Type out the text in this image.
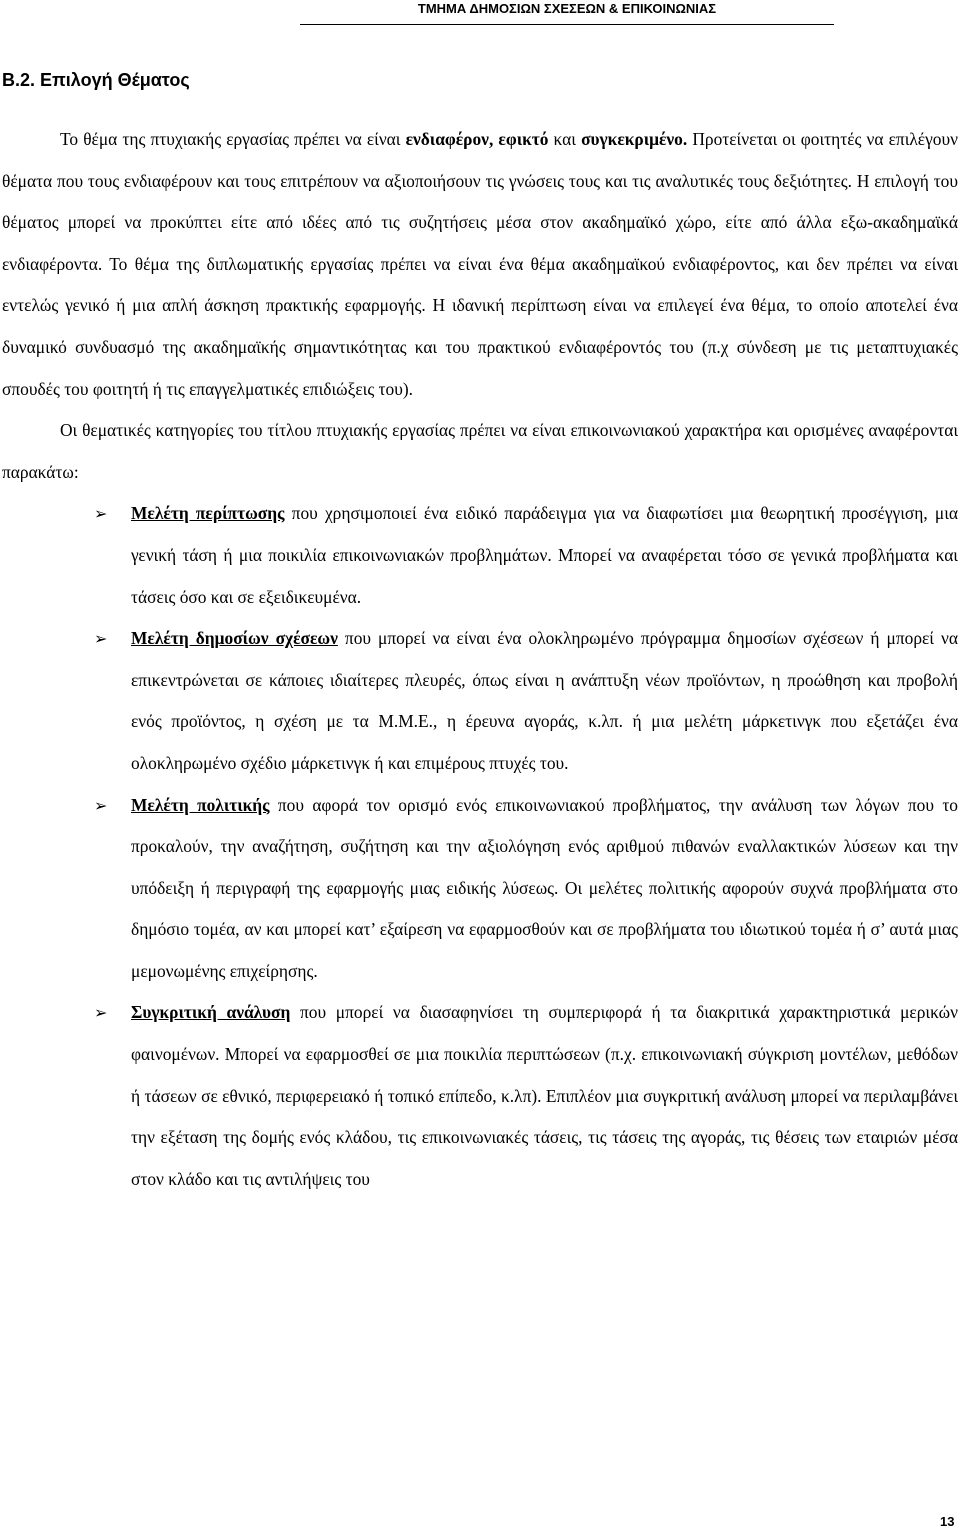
ΤΜΗΜΑ ΔΗΜΟΣΙΩΝ ΣΧΕΣΕΩΝ & ΕΠΙΚΟΙΝΩΝΙΑΣ
Β.2. Επιλογή Θέματος

Το θέμα της πτυχιακής εργασίας πρέπει να είναι ενδιαφέρον, εφικτό και συγκεκριμένο. Προτείνεται οι φοιτητές να επιλέγουν θέματα που τους ενδιαφέρουν και τους επιτρέπουν να αξιοποιήσουν τις γνώσεις τους και τις αναλυτικές τους δεξιότητες. Η επιλογή του θέματος μπορεί να προκύπτει είτε από ιδέες από τις συζητήσεις μέσα στον ακαδημαϊκό χώρο, είτε από άλλα εξω-ακαδημαϊκά ενδιαφέροντα. Το θέμα της διπλωματικής εργασίας πρέπει να είναι ένα θέμα ακαδημαϊκού ενδιαφέροντος, και δεν πρέπει να είναι εντελώς γενικό ή μια απλή άσκηση πρακτικής εφαρμογής. Η ιδανική περίπτωση είναι να επιλεγεί ένα θέμα, το οποίο αποτελεί ένα δυναμικό συνδυασμό της ακαδημαϊκής σημαντικότητας και του πρακτικού ενδιαφέροντός του (π.χ σύνδεση με τις μεταπτυχιακές σπουδές του φοιτητή ή τις επαγγελματικές επιδιώξεις του).

Οι θεματικές κατηγορίες του τίτλου πτυχιακής εργασίας πρέπει να είναι επικοινωνιακού χαρακτήρα και ορισμένες αναφέρονται παρακάτω:

➢ Μελέτη περίπτωσης που χρησιμοποιεί ένα ειδικό παράδειγμα για να διαφωτίσει μια θεωρητική προσέγγιση, μια γενική τάση ή μια ποικιλία επικοινωνιακών προβλημάτων. Μπορεί να αναφέρεται τόσο σε γενικά προβλήματα και τάσεις όσο και σε εξειδικευμένα.
➢ Μελέτη δημοσίων σχέσεων που μπορεί να είναι ένα ολοκληρωμένο πρόγραμμα δημοσίων σχέσεων ή μπορεί να επικεντρώνεται σε κάποιες ιδιαίτερες πλευρές, όπως είναι η ανάπτυξη νέων προϊόντων, η προώθηση και προβολή ενός προϊόντος, η σχέση με τα Μ.Μ.Ε., η έρευνα αγοράς, κ.λπ. ή μια μελέτη μάρκετινγκ που εξετάζει ένα ολοκληρωμένο σχέδιο μάρκετινγκ ή και επιμέρους πτυχές του.
➢ Μελέτη πολιτικής που αφορά τον ορισμό ενός επικοινωνιακού προβλήματος, την ανάλυση των λόγων που το προκαλούν, την αναζήτηση, συζήτηση και την αξιολόγηση ενός αριθμού πιθανών εναλλακτικών λύσεων και την υπόδειξη ή περιγραφή της εφαρμογής μιας ειδικής λύσεως. Οι μελέτες πολιτικής αφορούν συχνά προβλήματα στο δημόσιο τομέα, αν και μπορεί κατ’ εξαίρεση να εφαρμοσθούν και σε προβλήματα του ιδιωτικού τομέα ή σ’ αυτά μιας μεμονωμένης επιχείρησης.
➢ Συγκριτική ανάλυση που μπορεί να διασαφηνίσει τη συμπεριφορά ή τα διακριτικά χαρακτηριστικά μερικών φαινομένων. Μπορεί να εφαρμοσθεί σε μια ποικιλία περιπτώσεων (π.χ. επικοινωνιακή σύγκριση μοντέλων, μεθόδων ή τάσεων σε εθνικό, περιφερειακό ή τοπικό επίπεδο, κ.λπ). Επιπλέον μια συγκριτική ανάλυση μπορεί να περιλαμβάνει την εξέταση της δομής ενός κλάδου, τις επικοινωνιακές τάσεις, τις τάσεις της αγοράς, τις θέσεις των εταιριών μέσα στον κλάδο και τις αντιλήψεις του
13
